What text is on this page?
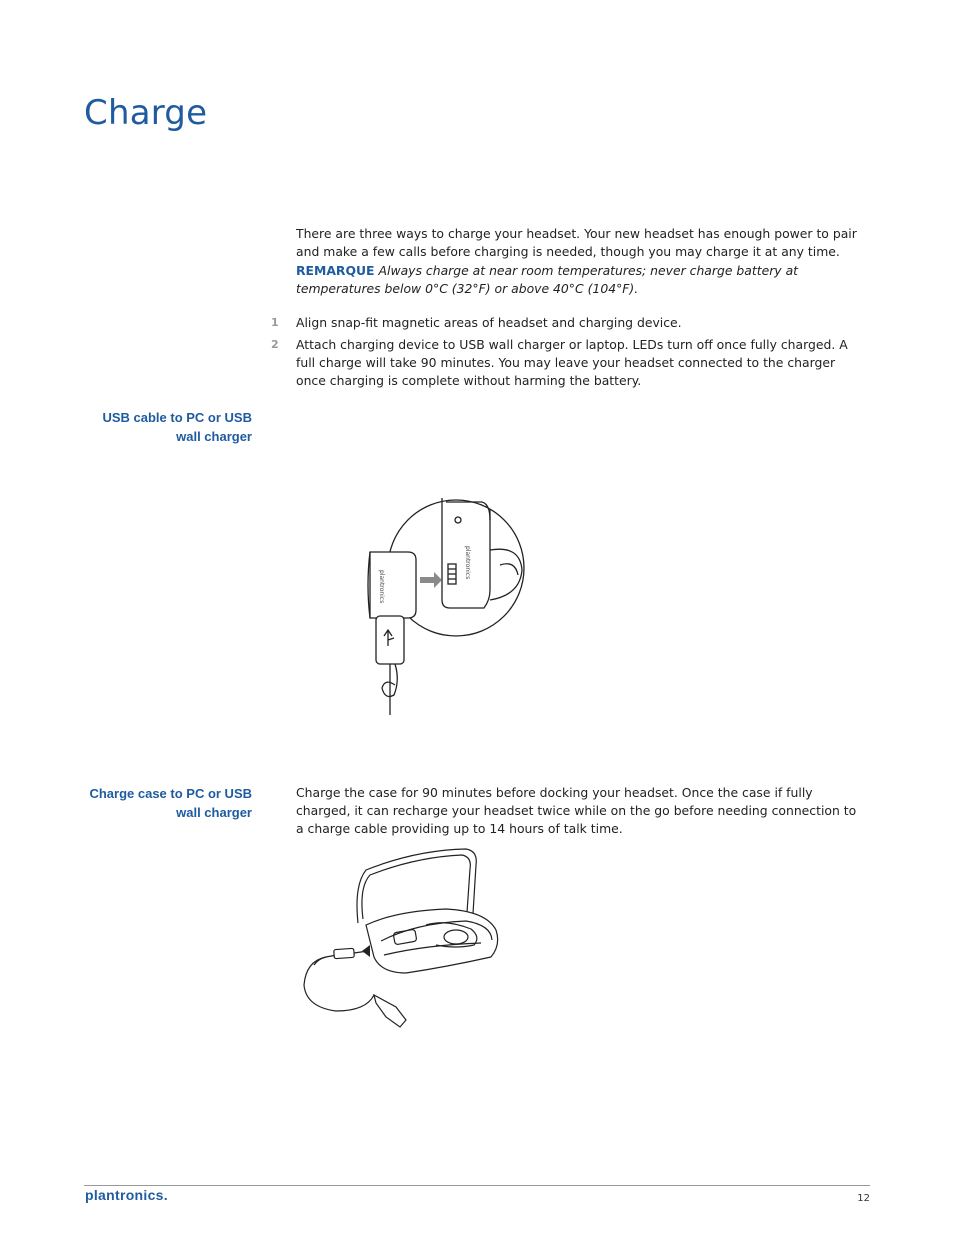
Charge
There are three ways to charge your headset. Your new headset has enough power to pair and make a few calls before charging is needed, though you may charge it at any time.
REMARQUE Always charge at near room temperatures; never charge battery at temperatures below 0°C (32°F) or above 40°C (104°F).
1 Align snap-fit magnetic areas of headset and charging device.
2 Attach charging device to USB wall charger or laptop. LEDs turn off once fully charged. A full charge will take 90 minutes. You may leave your headset connected to the charger once charging is complete without harming the battery.
USB cable to PC or USB
wall charger
plantronics
plantronics
Charge case to PC or USB
wall charger
Charge the case for 90 minutes before docking your headset. Once the case if fully charged, it can recharge your headset twice while on the go before needing connection to a charge cable providing up to 14 hours of talk time.
plantronics.	12
